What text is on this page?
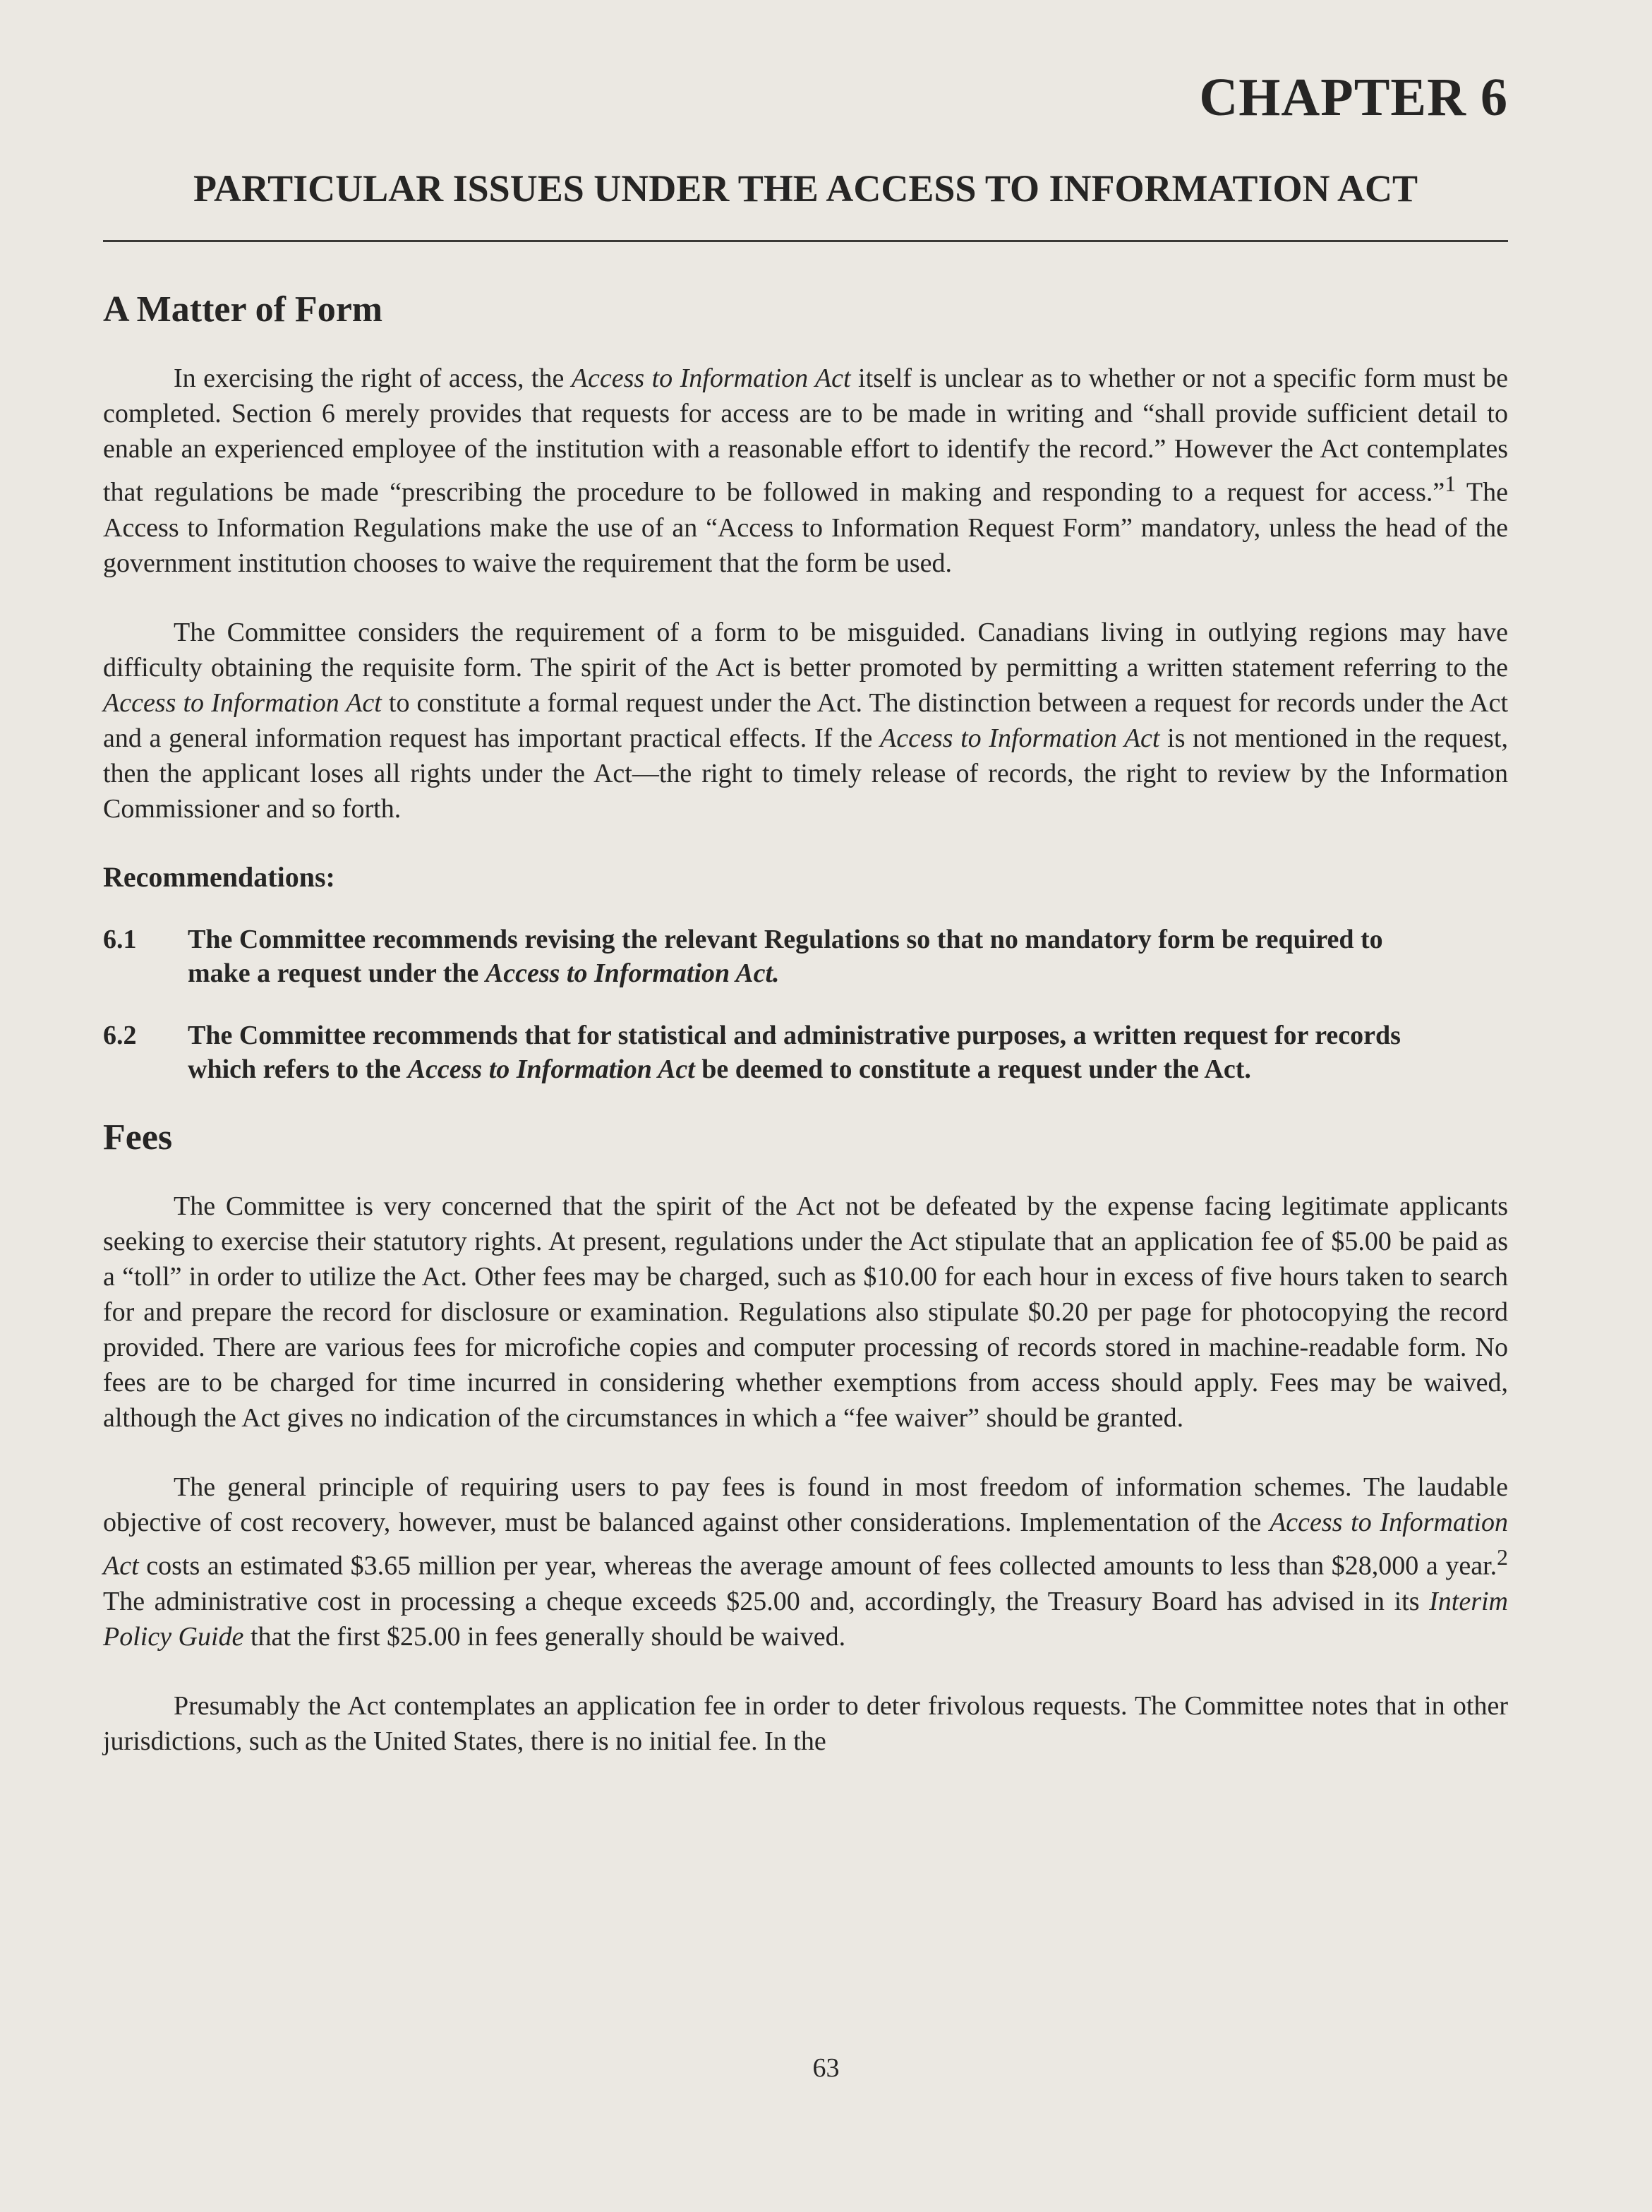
CHAPTER 6
PARTICULAR ISSUES UNDER THE ACCESS TO INFORMATION ACT
A Matter of Form

In exercising the right of access, the Access to Information Act itself is unclear as to whether or not a specific form must be completed. Section 6 merely provides that requests for access are to be made in writing and “shall provide sufficient detail to enable an experienced employee of the institution with a reasonable effort to identify the record.” However the Act contemplates that regulations be made “prescribing the procedure to be followed in making and responding to a request for access.”$^1$ The Access to Information Regulations make the use of an “Access to Information Request Form” mandatory, unless the head of the government institution chooses to waive the requirement that the form be used.

The Committee considers the requirement of a form to be misguided. Canadians living in outlying regions may have difficulty obtaining the requisite form. The spirit of the Act is better promoted by permitting a written statement referring to the Access to Information Act to constitute a formal request under the Act. The distinction between a request for records under the Act and a general information request has important practical effects. If the Access to Information Act is not mentioned in the request, then the applicant loses all rights under the Act—the right to timely release of records, the right to review by the Information Commissioner and so forth.

Recommendations:
6.1	The Committee recommends revising the relevant Regulations so that no mandatory form be required to make a request under the Access to Information Act.
6.2	The Committee recommends that for statistical and administrative purposes, a written request for records which refers to the Access to Information Act be deemed to constitute a request under the Act.
Fees

The Committee is very concerned that the spirit of the Act not be defeated by the expense facing legitimate applicants seeking to exercise their statutory rights. At present, regulations under the Act stipulate that an application fee of $5.00 be paid as a “toll” in order to utilize the Act. Other fees may be charged, such as $10.00 for each hour in excess of five hours taken to search for and prepare the record for disclosure or examination. Regulations also stipulate $0.20 per page for photocopying the record provided. There are various fees for microfiche copies and computer processing of records stored in machine-readable form. No fees are to be charged for time incurred in considering whether exemptions from access should apply. Fees may be waived, although the Act gives no indication of the circumstances in which a “fee waiver” should be granted.

The general principle of requiring users to pay fees is found in most freedom of information schemes. The laudable objective of cost recovery, however, must be balanced against other considerations. Implementation of the Access to Information Act costs an estimated $3.65 million per year, whereas the average amount of fees collected amounts to less than $28,000 a year.$^2$ The administrative cost in processing a cheque exceeds $25.00 and, accordingly, the Treasury Board has advised in its Interim Policy Guide that the first $25.00 in fees generally should be waived.

Presumably the Act contemplates an application fee in order to deter frivolous requests. The Committee notes that in other jurisdictions, such as the United States, there is no initial fee. In the

63
